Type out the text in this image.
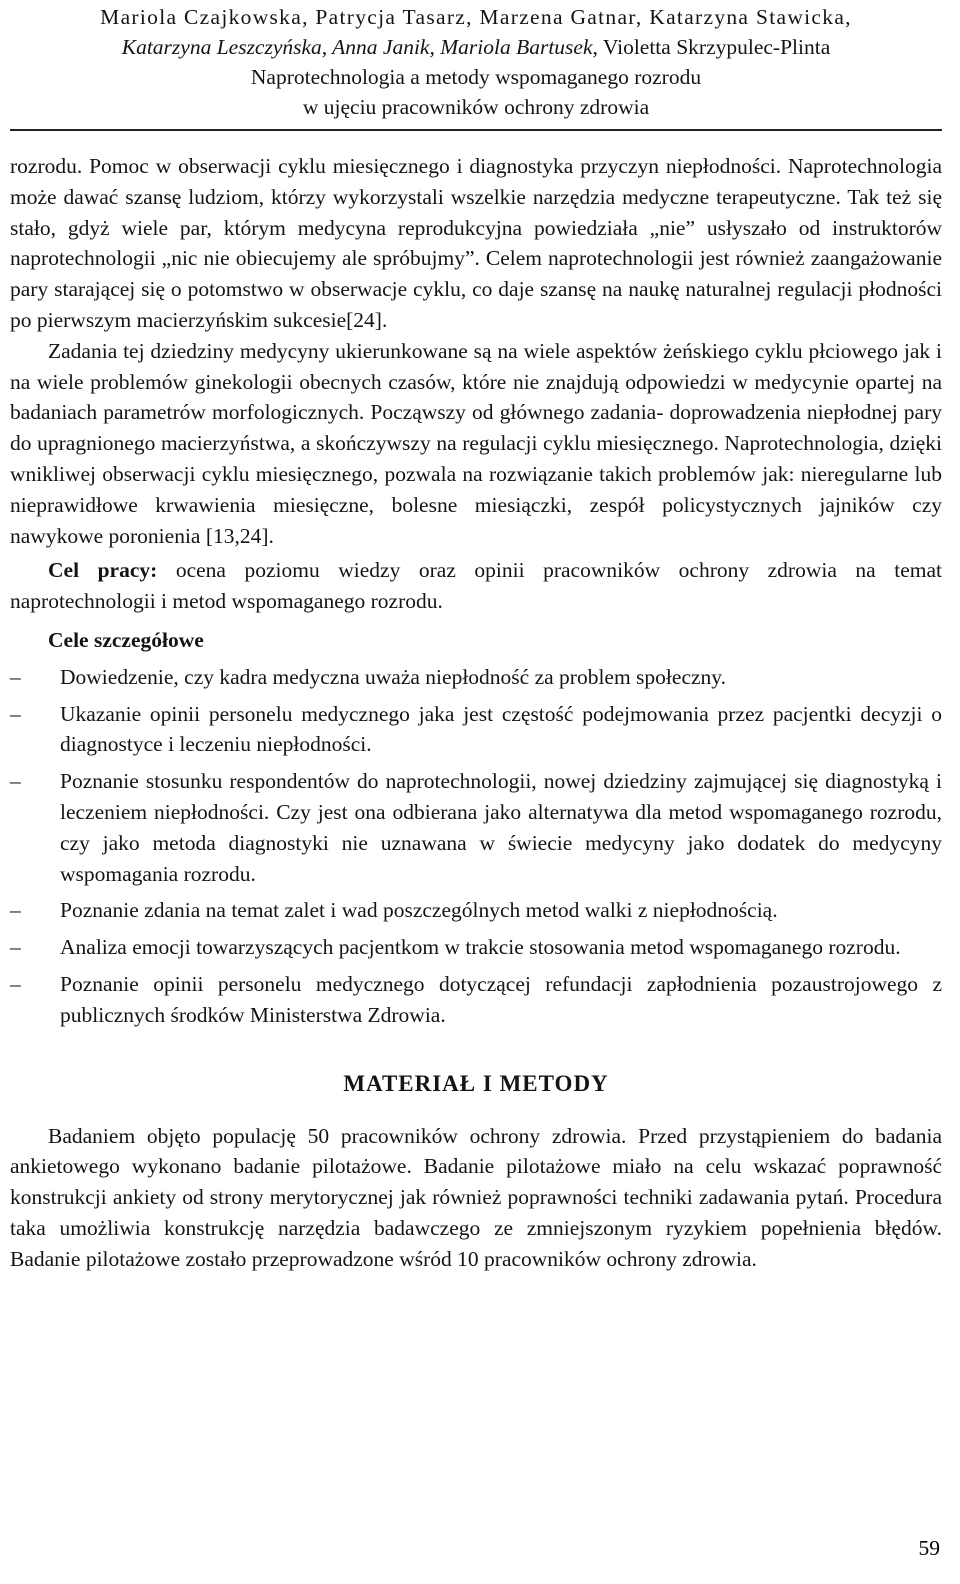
Mariola Czajkowska, Patrycja Tasarz, Marzena Gatnar, Katarzyna Stawicka,
Katarzyna Leszczyńska, Anna Janik, Mariola Bartusek, Violetta Skrzypulec-Plinta
Naprotechnologia a metody wspomaganego rozrodu
w ujęciu pracowników ochrony zdrowia

rozrodu. Pomoc w obserwacji cyklu miesięcznego i diagnostyka przyczyn niepłodności. Naprotechnologia może dawać szansę ludziom, którzy wykorzystali wszelkie narzędzia medyczne terapeutyczne. Tak też się stało, gdyż wiele par, którym medycyna reprodukcyjna powiedziała „nie” usłyszało od instruktorów naprotechnologii „nic nie obiecujemy ale spróbujmy”. Celem naprotechnologii jest również zaangażowanie pary starającej się o potomstwo w obserwacje cyklu, co daje szansę na naukę naturalnej regulacji płodności po pierwszym macierzyńskim sukcesie[24].

Zadania tej dziedziny medycyny ukierunkowane są na wiele aspektów żeńskiego cyklu płciowego jak i na wiele problemów ginekologii obecnych czasów, które nie znajdują odpowiedzi w medycynie opartej na badaniach parametrów morfologicznych. Począwszy od głównego zadania- doprowadzenia niepłodnej pary do upragnionego macierzyństwa, a skończywszy na regulacji cyklu miesięcznego. Naprotechnologia, dzięki wnikliwej obserwacji cyklu miesięcznego, pozwala na rozwiązanie takich problemów jak: nieregularne lub nieprawidłowe krwawienia miesięczne, bolesne miesiączki, zespół policystycznych jajników czy nawykowe poronienia [13,24].

Cel pracy: ocena poziomu wiedzy oraz opinii pracowników ochrony zdrowia na temat naprotechnologii i metod wspomaganego rozrodu.

Cele szczegółowe

–	Dowiedzenie, czy kadra medyczna uważa niepłodność za problem społeczny.
–	Ukazanie opinii personelu medycznego jaka jest częstość podejmowania przez pacjentki decyzji o diagnostyce i leczeniu niepłodności.
–	Poznanie stosunku respondentów do naprotechnologii, nowej dziedziny zajmującej się diagnostyką i leczeniem niepłodności. Czy jest ona odbierana jako alternatywa dla metod wspomaganego rozrodu, czy jako metoda diagnostyki nie uznawana w świecie medycyny jako dodatek do medycyny wspomagania rozrodu.
–	Poznanie zdania na temat zalet i wad poszczególnych metod walki z niepłodnością.
–	Analiza emocji towarzyszących pacjentkom w trakcie stosowania metod wspomaganego rozrodu.
–	Poznanie opinii personelu medycznego dotyczącej refundacji zapłodnienia pozaustrojowego z publicznych środków Ministerstwa Zdrowia.
MATERIAŁ I METODY

Badaniem objęto populację 50 pracowników ochrony zdrowia. Przed przystąpieniem do badania ankietowego wykonano badanie pilotażowe. Badanie pilotażowe miało na celu wskazać poprawność konstrukcji ankiety od strony merytorycznej jak również poprawności techniki zadawania pytań. Procedura taka umożliwia konstrukcję narzędzia badawczego ze zmniejszonym ryzykiem popełnienia błędów. Badanie pilotażowe zostało przeprowadzone wśród 10 pracowników ochrony zdrowia.

59
